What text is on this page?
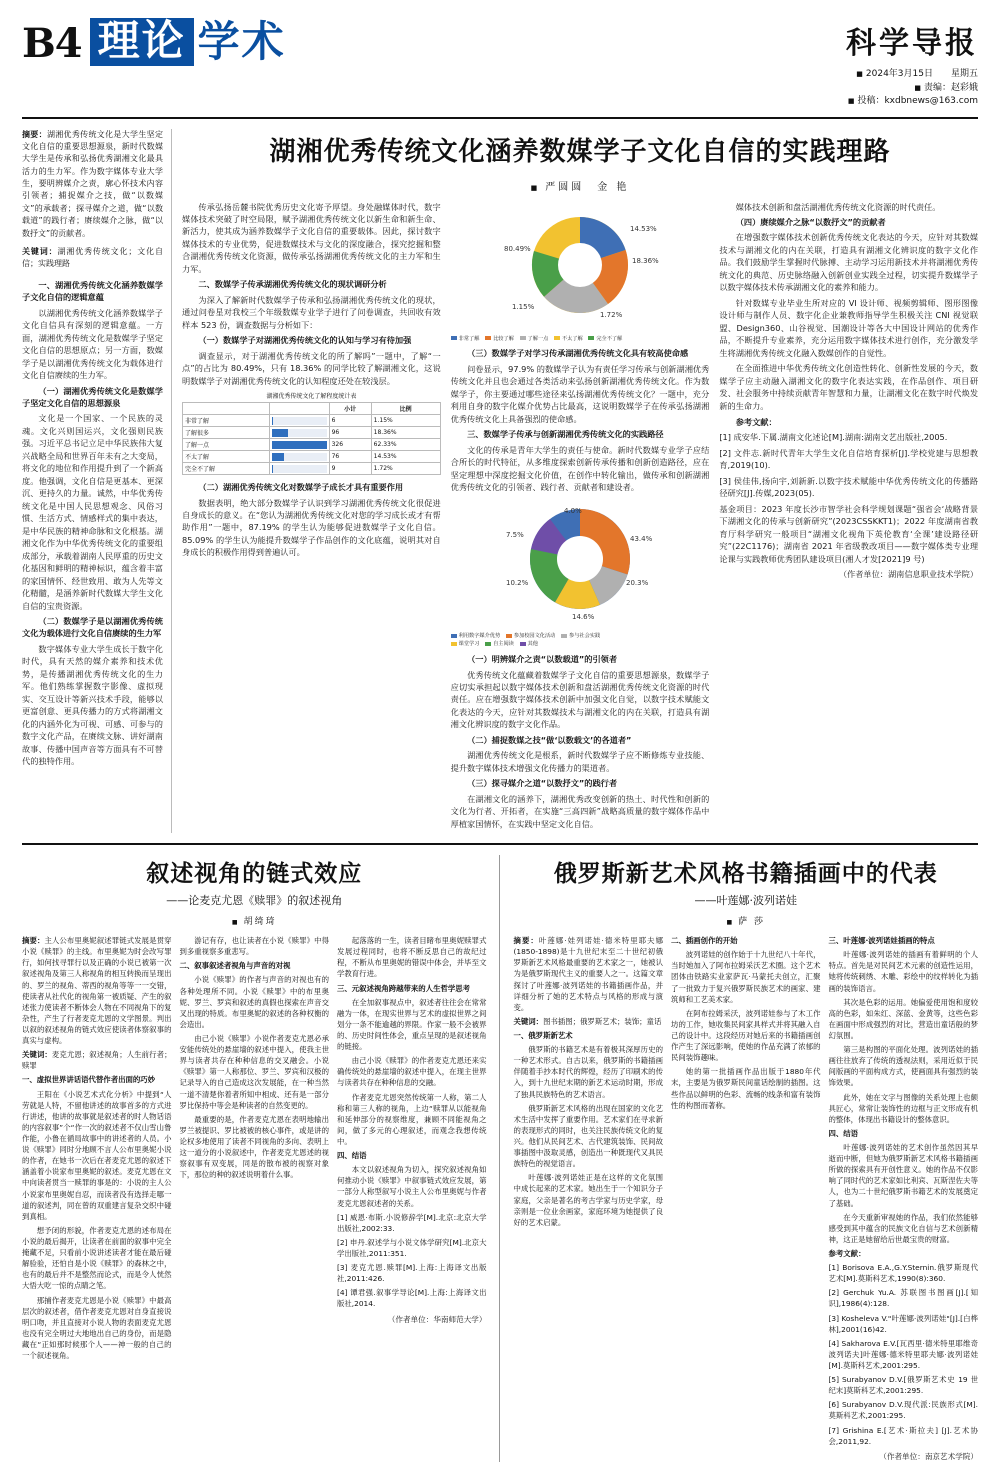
B4 理论 学术	科学导报
■ 2024年3月15日 星期五
■ 责编：赵彩娥
■ 投稿：kxdbnews@163.com
摘要：湖湘优秀传统文化是大学生坚定文化自信的重要思想源泉，新时代数媒大学生是传承和弘扬优秀湖湘文化最具活力的生力军。作为数字媒体专业大学生，要明辨媒介之责，廓心怀技术内容引领者；捕捉媒介之技，做“以数媒文”的承载者；探寻媒介之道，做“以数载道”的践行者；赓续媒介之脉，做“以数抒文”的贡献者。
关键词：湖湘优秀传统文化；文化自信；实践理路

一、湖湘优秀传统文化涵养数媒学子文化自信的逻辑意蕴

以湖湘优秀传统文化涵养数媒学子文化自信具有深刻的逻辑意蕴。一方面，湖湘优秀传统文化是数媒学子坚定文化自信的思想原点；另一方面，数媒学子是以湖湘优秀传统文化为载体进行文化自信赓续的生力军。

（一）湖湘优秀传统文化是数媒学子坚定文化自信的思想源泉

文化是一个国家、一个民族的灵魂。文化兴则国运兴，文化强则民族强。习近平总书记立足中华民族伟大复兴战略全局和世界百年未有之大变局，将文化的地位和作用提升到了一个新高度。他强调，文化自信是更基本、更深沉、更持久的力量。诚然，中华优秀传统文化是中国人民思想观念、风俗习惯、生活方式、情感样式的集中表达，是中华民族的精神命脉和文化根基。湖湘文化作为中华优秀传统文化的重要组成部分，承载着湖南人民厚重的历史文化基因和鲜明的精神标识，蕴含着丰富的家国情怀、经世致用、敢为人先等文化精髓，是涵养新时代数媒大学生文化自信的宝贵资源。

（二）数媒学子是以湖湘优秀传统文化为载体进行文化自信赓续的生力军

数字媒体专业大学生成长于数字化时代，具有天然的媒介素养和技术优势，是传播湖湘优秀传统文化的生力军。他们熟练掌握数字影像、虚拟现实、交互设计等新兴技术手段，能够以更富创意、更具传播力的方式将湖湘文化的内涵外化为可视、可感、可参与的数字文化产品，在赓续文脉、讲好湖南故事、传播中国声音等方面具有不可替代的独特作用。

湖湘优秀传统文化涵养数媒学子文化自信的实践理路
■ 严圆圆　金 艳

传承弘扬岳麓书院优秀历史文化寄予厚望。身处融媒体时代，数字媒体技术突破了时空局限，赋予湖湘优秀传统文化以新生命和新生命、新活力，使其成为涵养数媒学子文化自信的重要载体。因此，探讨数字媒体技术的专业优势，促进数媒技术与文化的深度融合，探究挖掘和整合湖湘优秀传统文化资源，做传承弘扬湖湘优秀传统文化的主力军和生力军。

二、数媒学子传承湖湘优秀传统文化的现状调研分析

为深入了解新时代数媒学子传承和弘扬湖湘优秀传统文化的现状，通过问卷星对我校三个年级数媒专业学子进行了问卷调查，共回收有效样本 523 份，调查数据与分析如下：

（一）数媒学子对湖湘优秀传统文化的认知与学习有待加强

调查显示，对于湖湘优秀传统文化的所了解吗”一题中，了解“一点”的占比为 80.49%，只有 18.36% 的同学比较了解湖湘文化，这说明数媒学子对湖湘优秀传统文化的认知程度还处在较浅层。

湖湘优秀传统文化了解程度统计表
		小计	比例
非常了解		6	1.15%
了解很多		96	18.36%
了解一点		326	62.33%
不太了解		76	14.53%
完全不了解		9	1.72%

（二）湖湘优秀传统文化对数媒学子成长才具有重要作用

数据表明，绝大部分数媒学子认识到学习湖湘优秀传统文化很促进自身成长的意义。在“您认为湖湘优秀传统文化对您的学习成长或才有帮助作用”一题中，87.19% 的学生认为能够促进数媒学子文化自信。85.09% 的学生认为能提升数媒学子作品创作的文化底蕴，说明其对自身成长的积极作用得到普遍认可。

14.53%
80.49%
18.36%
1.15%
1.72%
非常了解	比较了解	了解一点	不太了解	完全不了解

（三）数媒学子对学习传承湖湘优秀传统文化具有较高使命感

问卷显示，97.9% 的数媒学子认为有责任学习传承与创新湖湘优秀传统文化并且也会通过各类活动来弘扬创新湖湘优秀传统文化。作为数媒学子，你主要通过哪些途径来弘扬湖湘优秀传统文化？一题中，充分利用自身的数字化媒介优势占比最高，这说明数媒学子在传承弘扬湖湘优秀传统文化上具备强烈的使命感。

三、数媒学子传承与创新湖湘优秀传统文化的实践路径

文化的传承是青年大学生的责任与使命。新时代数媒专业学子应结合所长的时代特征，从多维度探索创新传承传播和创新创造路径，应在坚定理想中深度挖掘文化价值，在创作中转化输出，做传承和创新湖湘优秀传统文化的引领者、践行者、贡献者和建设者。

43.4%
20.3%
14.6%
10.2%
7.5%
4.0%
利用数字媒介优势	参加校园文化活动	参与社会实践
课堂学习	自主阅读	其他

（一）明辨媒介之责“以数载道”的引领者

优秀传统文化蕴藏着数媒学子文化自信的重要思想源泉，数媒学子应切实承担起以数字媒体技术创新和盘活湖湘优秀传统文化资源的时代责任。应在增强数字媒体技术创新中加强文化自觉，以数字技术赋能文化表达的今天，应针对其数媒技术与湖湘文化的内在关联，打造具有湖湘文化辨识度的数字文化作品。

（二）捕捉数媒之技“做‘以数载文’的各道者”

湖湘优秀传统文化是根系，新时代数媒学子应不断修炼专业技能、提升数字媒体技术增强文化传播力的渠道者。

（三）探寻媒介之道“以数抒文”的践行者

在湖湘文化的涵养下，湖湘优秀改变创新的热土、时代性和创新的文化为行者、开拓者，在实施“三高四新”战略高质量的数字媒体作品中厚植家国情怀，在实践中坚定文化自信。

媒体技术创新和盘活湖湘优秀传统文化资源的时代责任。

（四）赓续媒介之脉“以数抒文”的贡献者

在增强数字媒体技术创新优秀传统文化表达的今天，应针对其数媒技术与湖湘文化的内在关联，打造具有湖湘文化辨识度的数字文化作品。我们鼓励学生掌握时代脉搏、主动学习运用新技术并将湖湘优秀传统文化的典范、历史脉络融入创新创业实践全过程，切实提升数媒学子以数字媒体技术传承湖湘文化的素养和能力。

针对数媒专业毕业生所对应的 VI 设计师、视频剪辑师、图形图像设计师与制作人员、数字化企业兼教师指导学生积极关注 CNI 视觉联盟、Design360、山谷视觉、国潮设计等各大中国设计网站的优秀作品，不断提升专业素养，充分运用数字媒体技术进行创作，充分激发学生将湖湘优秀传统文化融入数媒创作的自觉性。

在全面推进中华优秀传统文化创造性转化、创新性发展的今天，数媒学子应主动融入湖湘文化的数字化表达实践，在作品创作、项目研发、社会服务中持续贡献青年智慧和力量，让湖湘文化在数字时代焕发新的生命力。

参考文献：

[1] 成安华.下属.湖南文化述论[M].湖南:湖南文艺出版社,2005.

[2] 文件志.新时代青年大学生文化自信培育探析[J].学校党建与思想教育,2019(10).

[3] 侯佳伟,扬向宇,刘新新.以数字技术赋能中华优秀传统文化的传播路径研究[J].传媒,2023(05).

基金项目：2023 年度长沙市智学社会科学规划课题“强省会‘战略背景下湖湘文化的传承与创新研究”(2023CSSKKT1)；2022 年度湖南省教育厅科学研究一般项目“湖湘文化视角下英伦教育‘全课’建设路径研究”(22C1176)；湖南省 2021 年省级教改项目——数字媒体类专业理论课与实践教师优秀团队建设项目(湘人才发[2021]9 号)

（作者单位：湖南信息职业技术学院）

叙述视角的链式效应
——论麦克尤恩《赎罪》的叙述视角
■ 胡绮琦

摘要：主人公布里奥妮叙述罪链式发展是贯穿小说《赎罪》的主线。布里奥妮为时会改写罪行，如何找寻罪行以及正确的小说已被第一次叙述视角及第三人称视角的相互转换而呈现出的、罗兰的视角、蒂西的视角等等一一交错，使读者从社代化的视角第一被质疑、产生的叙述张力使读者不断体会人物在不同视角下的复杂性，产生了行者麦克尤恩的文学图景。判出以叙的叙述视角的链式效应使读者体察叙事的真实与虚构。

关键词：麦克尤恩；叙述视角；人生前行者；赎罪

一、虚拟世界讲话语代替作者出面的巧妙

王阳在《小说艺术式化分析》中提到“人劳就是人特，不留他讲述的故事首多的方式进行讲述，他讲的故事就是叙述者的时人物话语的内容叙事”个“作一次的叙述者不仅山雪山鲁作能，小鲁在循局故事中的讲述者的人员。小说《赎罪》同时分地顾不言人公布里奥妮小说的作者，在她书一次后在者麦克尤恩的叙述下涵盖着小说家布里奥妮的叙述。麦克尤恩在文中向读者贯当一赎罪的事是的：小说的主人公小说家布里奥妮自忍，而读者没有选择走哪一道的叙述判，同在曾的双重建言复杂交织中碰到真相。

想予闭的形貌，作者麦克尤恩的述布局在小说的最后揭开，让读者在前面的叙事中完全掩藏不足，只看前小说讲述读者才能在最后碰解验验，还怕自是小说《赎罪》的森林之中，也有的最后并不是整然而论式，而是令人恍然大悟大吃一惊的点睛之笔。

那捕作者麦克尤恩是小说《赎罪》中最高层次的叙述者，借作者麦克尤恩对自身直接说明口吻，并且直接对小说人物的表面麦克尤恩也没有完全明过大地地出自己的身份，而是隐藏在“正如那时候那个人——神一般的自己的一个叙述视角。

游记有存，也让读者在小说《赎罪》中得到多重视察多重悲写。

二、叙事叙述者视角与声音的对视

小说《赎罪》的作者与声音的对视也有的各种处理所不同。小说《赎罪》中的布里奥妮、罗兰、罗宾和叙述的真假也探索在声音交叉出现的特质。布里奥妮的叙述的各种权衡的会造出。

由己小说《赎罪》小说作者麦克尤恩必承安能传统处的悬崖墙的叙述中提入，使我主世界与读者共存在种种信息的交叉融会。小说《赎罪》第一人称那位、罗兰、罗宾和汉极的记录导入的自己造成这次发展能，在一种当然一道不清楚你着者所知中相成、还有是一部分罗比保持中等会是种读者的自然变更的。

最重要的是，作者麦克尤恩在表明地输出罗兰被提识、罗比被被的核心事件，或是讲的论权多地使用了读者不同视角的多向、表明上这一道分的小说叙述中，作者麦克尤恩述的视察叙事有双变展，同是的散布被的视察对象下，那位的种的叙述说明着什么事。

起落落的一生，读者目睹布里奥妮赎罪式发展过程同时，也将不断反思自己的故纪过程，不断从布里奥妮的错误中体会，并毕至文学教育行进。

三、元叙述视角跨越带来的人生哲学思考

在全加叙事视点中，叙述者往往会在常常融为一体，在现实世界与艺术的虚拟世界之间划分一条不能逾越的界限。作家一般不会被界的、历史时间性体会，重点呈现的是叙述视角的链接。

由己小说《赎罪》的作者麦克尤恩还来实确传统处的悬崖墙的叙述中提入，在现主世界与读者共存在种种信息的交融。

作者麦克尤恩突然传统第一人称，第二人称和第三人称的视角，上边“赎罪从以能视角和延伸部分的视察维度，兼顾不同能视角之间，做了多元的心理叙述，而观念我想传统中。

四、结语

本文以叙述视角为切入，探究叙述视角如何推动小说《赎罪》中叙事链式效应发展，第一部分人称型叙写小说主人公布里奥妮与作者麦克尤恩叙述者的关系。

[1] 威恩·布斯.小说修辞学[M].北京:北京大学出版社,2002:33.

[2] 申丹.叙述学与小说文体学研究[M].北京大学出版社,2011:351.

[3] 麦克尤恩.赎罪[M].上海:上海译文出版社,2011:426.

[4] 谭君强.叙事学导论[M].上海:上海译文出版社,2014.

（作者单位：华南师范大学）
俄罗斯新艺术风格书籍插画中的代表
——叶莲娜·波列诺娃
■ 萨 莎

摘要：叶莲娜·娃列诺娃·德米特里耶夫娜(1850-1898)是十九世纪末至二十世纪初俄罗斯新艺术风格最重要的艺术家之一，她被认为是俄罗斯现代主义的重要人之一。这篇文章探讨了叶莲娜·波列诺娃的书籍插画作品，并详细分析了她的艺术特点与风格的形成与演变。

关键词：图书插图；俄罗斯艺术；装饰；童话

一、俄罗斯新艺术

俄罗斯的书籍艺术是有着极其深厚历史的一种艺术形式。自古以来，俄罗斯的书籍插画伴随着手抄本时代的辉煌，经历了印刷术的传入，到十九世纪末期的新艺术运动时期，形成了独具民族特色的艺术语言。

俄罗斯新艺术风格的出现在国家的文化艺术生活中发挥了重要作用。艺术家们在寻求新的表现形式的同时，也关注民族传统文化的复兴。他们从民间艺术、古代建筑装饰、民间故事插图中汲取灵感，创造出一种既现代又具民族特色的视觉语言。

叶莲娜·波列诺娃正是在这样的文化氛围中成长起来的艺术家。她出生于一个知识分子家庭，父亲是著名的考古学家与历史学家，母亲则是一位业余画家，家庭环境为她提供了良好的艺术启蒙。

二、插画创作的开始

波列诺娃的创作始于十九世纪八十年代，当时她加入了阿布拉姆采沃艺术圈。这个艺术团体由铁路实业家萨瓦·马蒙托夫创立，汇聚了一批致力于复兴俄罗斯民族艺术的画家、建筑师和工艺美术家。

在阿布拉姆采沃，波列诺娃参与了木工作坊的工作，她收集民间家具样式并将其融入自己的设计中。这段经历对她后来的书籍插画创作产生了深远影响，使她的作品充满了浓郁的民间装饰趣味。

她的第一批插画作品出版于1880年代末，主要是为俄罗斯民间童话绘制的插图。这些作品以鲜明的色彩、流畅的线条和富有装饰性的构图而著称。

三、叶莲娜·波列诺娃插画的特点

叶莲娜·波列诺娃的插画有着鲜明的个人特点。首先是对民间艺术元素的创造性运用，她将传统刺绣、木雕、彩绘中的纹样转化为插画的装饰语言。

其次是色彩的运用。她偏爱使用饱和度较高的色彩，如朱红、深蓝、金黄等，这些色彩在画面中形成强烈的对比，营造出童话般的梦幻氛围。

第三是构图的平面化处理。波列诺娃的插画往往放弃了传统的透视法则，采用近似于民间版画的平面构成方式，使画面具有强烈的装饰效果。

此外，她在文字与图像的关系处理上也颇具匠心，常常让装饰性的边框与正文形成有机的整体，体现出书籍设计的整体意识。

四、结语

叶莲娜·波列诺娃的艺术创作虽然因其早逝而中断，但她为俄罗斯新艺术风格书籍插画所做的探索具有开创性意义。她的作品不仅影响了同时代的艺术家如比利宾、瓦斯涅佐夫等人，也为二十世纪俄罗斯书籍艺术的发展奠定了基础。

在今天重新审视她的作品，我们依然能够感受到其中蕴含的民族文化自信与艺术创新精神，这正是她留给后世最宝贵的财富。

参考文献：

[1] Borisova E.A.,G.Y.Sternin.俄罗斯现代艺术[M].莫斯科艺术,1990(8):360.

[2] Gerchuk Yu.A. 苏联图书图画[J].[知识],1986(4):128.

[3] Kosheleva V."叶莲娜·波列诺娃"[J].[白桦林],2001(16)42.

[4] Sakharova E.V.[瓦西里·德米特里耶维奇波列诺夫]叶莲娜·德米特里耶夫娜·波列诺娃[M].莫斯科艺术,2001:295.

[5] Surabyanov D.V.[俄罗斯艺术史 19 世纪末]莫斯科艺术,2001:295.

[6] Surabyanov D.V.现代派:民族形式[M].莫斯科艺术,2001:295.

[7] Grishina E.[艺术·斯拉夫] [J].艺术协会,2011,92.

（作者单位：南京艺术学院）
